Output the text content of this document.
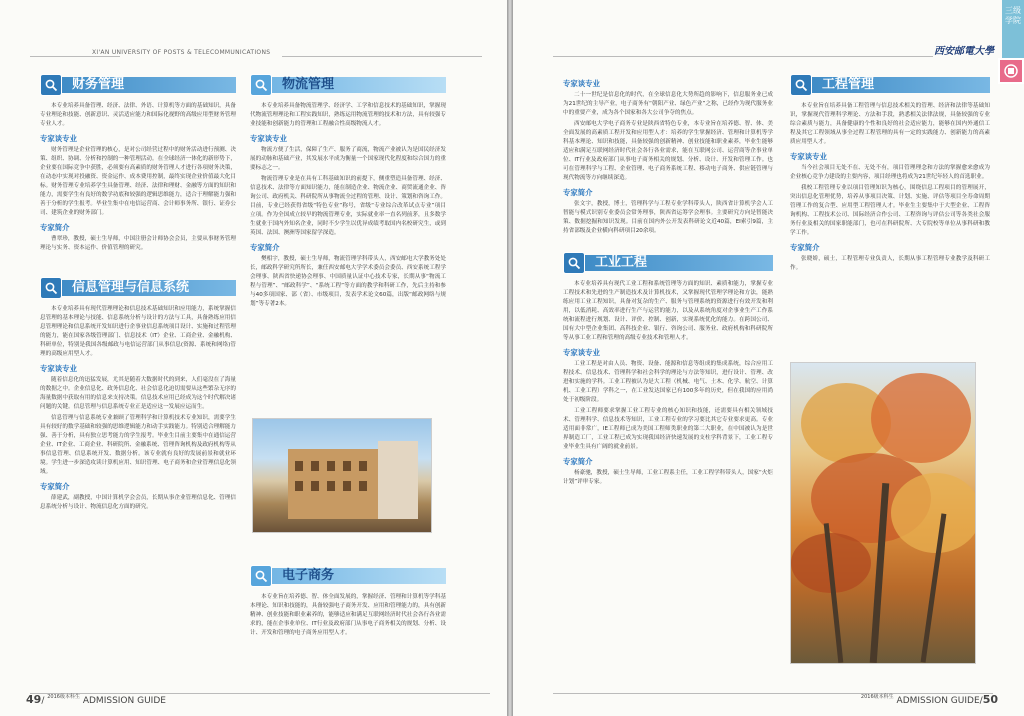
XI'AN UNIVERSITY OF POSTS & TELECOMMUNICATIONS
财务管理

本专业培养具备管理、经济、法律、外语、计算机等方面的基础知识，具备专业理论和技能、创新意识、灵活适应能力和国际化视野的高级应用型财务管理专业人才。

专家谈专业

财务管理是企业管理的核心，是对公司经营过程中的财务活动进行预测、决策、组织、协调、分析和控制的一种管理活动。在全球经济一体化的新形势下，企业要在国际竞争中获胜，必须要有高素质的财务管理人才进行各项财务决策，在动态中实现对投融资、资金运作、成本费用控制，最终实现企业价值最大化目标。财务管理专业培养学生具备管理、经济、法律和理财、金融等方面的知识和能力，需要学生有良好的数学功底和较强的逻辑思维能力，适合于理解能力强和善于分析的学生报考。毕业生集中在电信运营商、会计师事务所、银行、证券公司、建筑企业的财务部门。

专家简介

曹翠珍，教授，硕士生导师，中国注册会计师协会会员，主要从事财务管理理论与实务、资本运作、价值管理的研究。

信息管理与信息系统

本专业培养具有现代管理理论和信息技术基础知识和应用能力，系统掌握信息管理的基本理论与技能、信息系统分析与设计的方法与工具，具备熟练应用信息管理理论和信息系统开发知识进行企事业信息系统项目设计、实施和过程管理的能力，能在国家各级管理部门、信息技术（IT）企业、工商企业、金融机构、科研单位，特别是我国各级邮政与电信运营部门从事信息(资源、系统和网络)管理的高级应用型人才。

专家谈专业

随着信息化的迅猛发展，尤其是随着大数据时代的到来，人们毫没在了海量的数据之中。企业信息化、政务信息化、社会信息化迫切需要从这些繁杂无序的海量数据中获取有用的信息来支持决策。信息技术应用已经成为这个时代解决诸问题的关键。信息管理与信息系统专业正是适应这一发展应运而生。

信息管理与信息系统专业兼顾了管理科学和计算机技术专业知识，需要学生具有较好的数学基础和较强的思维逻辑能力和动手实践能力。特别适合理解能力强、善于分析，具有独立思考能力的学生报考。毕业生目前主要集中在通信运营企业、IT企业、工商企业、科研院所、金融系统、管理咨询机构及政府机构等从事信息管理、信息系统开发、数据分析。该专业就有良好的发展前景和就业环境。学生进一步深造攻读计算机应用、知识管理、电子商务和企业管理信息化领域。

专家简介

薛建武，副教授，中国计算机学会会员，长期从事企业管理信息化、管理信息系统分析与设计、物流信息化方面的研究。

物流管理

本专业培养具备物流管理学、经济学、工学和信息技术的基础知识，掌握现代物流管理理论和工程实践知识，熟练运用物流管理的技术和方法，具有较强专业技能和创新能力的管理和工程融合性高级物流人才。

专家谈专业

物流方便了生活，保障了生产、服务了商流，物流产业被认为是国民经济发展的动脉和基础产业，其发展水平成为衡量一个国家现代化程度和综合国力的重要标志之一。

物流管理专业是在具有工科基础知识的前提下，侧重塑造具备管理、经济、信息技术、法律等方面知识能力，能在制造企业、物流企业、商贸流通企业、咨询公司、政府机关、科研院所从事物流全过程的管理、设计、策划和咨询工作。目前，专业已经获得省级“特色专业”称号，省级“专业综合改革试点专业”项目立项。作为全国成立较早的物流管理专业，实际就业率一直名列前茅，且多数学生就业于国内外知名企业，同时不少学生以优异成绩考取国内名校研究生，或到英国、法国、澳洲等国家留学深造。

专家简介

樊相宇，教授，硕士生导师，物流管理学科带头人，西安邮电大学教务处处长，邮政科学研究所所长，兼任西安邮电大学学术委员会委员、西安系统工程学会理事、陕西省快递协会理事、中国质量认证中心技术专家，长期从事“物流工程与管理”、“邮政科学”、“系统工程”等方面的教学和科研工作，先后主持和参与40多项国家、部（省）、市级项目，发表学术论文60篇，出版“邮政网络与规划”等专著2本。

电子商务

本专业旨在培养德、智、体全面发展的，掌握经济、管理和计算机等学科基本理论、知识和技能的，具备较强电子商务开发、应用和管理能力的，具有创新精神、创业技能和职业素养的，能够适应和满足互联网经济时代社会各行各业需求的，能在企事业单位、IT行业及政府部门从事电子商务相关的规划、分析、设计、开发和管理的电子商务应用型人才。

49/ $^{2016级本科生}$ ADMISSION GUIDE
西安邮電大學
三级学院
专家谈专业

二十一世纪是信息化的时代，在全球信息化大势所趋的影响下，信息服务业已成为21世纪的主导产业，电子商务有“朝阳产业、绿色产业”之称，已经作为现代服务业中的重要产业，成为各个国家和各大公司争夺的焦点。

西安邮电大学电子商务专业是陕西省特色专业，本专业旨在培养德、智、体、美全面发展的高素质工程开发和应用型人才：培养的学生掌握经济、管理和计算机等学科基本理论、知识和技能，具备较强的创新精神、创业技能和职业素养，毕业生能够适应和满足互联网经济时代社会各行各业需求，能在互联网公司、运营商等企事业单位、IT行业及政府部门从事电子商务相关的规划、分析、设计、开发和管理工作。也可在管理科学与工程、企业管理、电子商务系统工程、移动电子商务、供应链管理与现代物流等方向继续深造。

专家简介

张文宇，教授，博士，管理科学与工程专业学科带头人，陕西省计算机学会人工智能与模式识别专业委员会常务理事，陕西省运筹学会理事。主要研究方向是智能决策、数据挖掘和知识发现。目前在国内外公开发表科研论文近40篇，EI索引9篇，主持省部级及企业横向科研项目20余项。

工业工程

本专业培养具有现代工业工程和系统管理等方面的知识、素质和能力，掌握专业工程技术和先进的生产制造技术及计算机技术，又掌握现代管理学理论和方法，能熟练应用工业工程知识，具备对复杂的生产、服务与管理系统的资源进行有效开发和利用，以低消耗、高效率进行生产与运营的能力，以及从系统角度对企事业生产工作系统和流程进行规划、设计、评价、控制、创新，实现系统优化的能力。在跨国公司、国有大中型企业集团、高科技企业、银行、咨询公司、服务业、政府机构和科研院所等从事工业工程和管理的高级专业技术和管理人才。

专家谈专业

工业工程是对由人员、物资、设备、能源和信息等组成的集成系统，综合应用工程技术、信息技术、管理科学和社会科学的理论与方法等知识，进行设计、管理、改进和实施的学科。工业工程被认为是大工程（机械、电气、土木、化学、航空、计算机、工业工程）学科之一，在工业发达国家已有100多年的历史，但在我国的应用尚处于初级阶段。

工业工程师要求掌握工业工程专业的核心知识和技能，还需要具有相关领域技术、管理科学、信息技术等知识，工业工程专业的学习要比其它专业要求更高。专业适用面非常广，IE工程师已成为美国工程师类职业的第二大职业，在中国被认为是世界制造工厂，工业工程已成为实现我国经济快速发展的支柱学科背景下，工业工程专业毕业生具有广阔的就业前景。

专家简介

杨豪驰，教授，硕士生导师，工业工程系主任，工业工程学科带头人，国家“火炬计划”评审专家。

工程管理

本专业旨在培养具备工程管理与信息技术相关的管理、经济和法律等基础知识，掌握现代管理科学理论、方法和手段，熟悉相关法律法规，具备较强的专业综合素质与能力，具备健康的个性和良好的社会适应能力，能够在国内外通信工程及其它工程领域从事全过程工程管理的具有一定的实践能力、创新能力的高素质应用型人才。

专家谈专业

当今社会项目无处不在、无处不有，项目管理理念和方法的掌握愈来愈成为企业核心竞争力建设的主要内容，项目经理也将成为21世纪年轻人的首选职业。

我校工程管理专业以项目管理知识为核心，围绕信息工程项目的管理展开，突出信息化管理优势，培养从事项目决策、计划、实施、评估等项目全寿命周期管理工作的复合型、应用型工程管理人才。毕业生主要集中于大型企业、工程咨询机构、工程技术公司、国际经济合作公司、工程咨询与评估公司等各类社会服务行业及相关的国家职能部门，也可在科研院所、大专院校等单位从事科研和教学工作。

专家简介

张晓娇，硕士，工程管理专业负责人，长期从事工程管理专业教学及科研工作。

$^{2016级本科生}$ ADMISSION GUIDE/50
